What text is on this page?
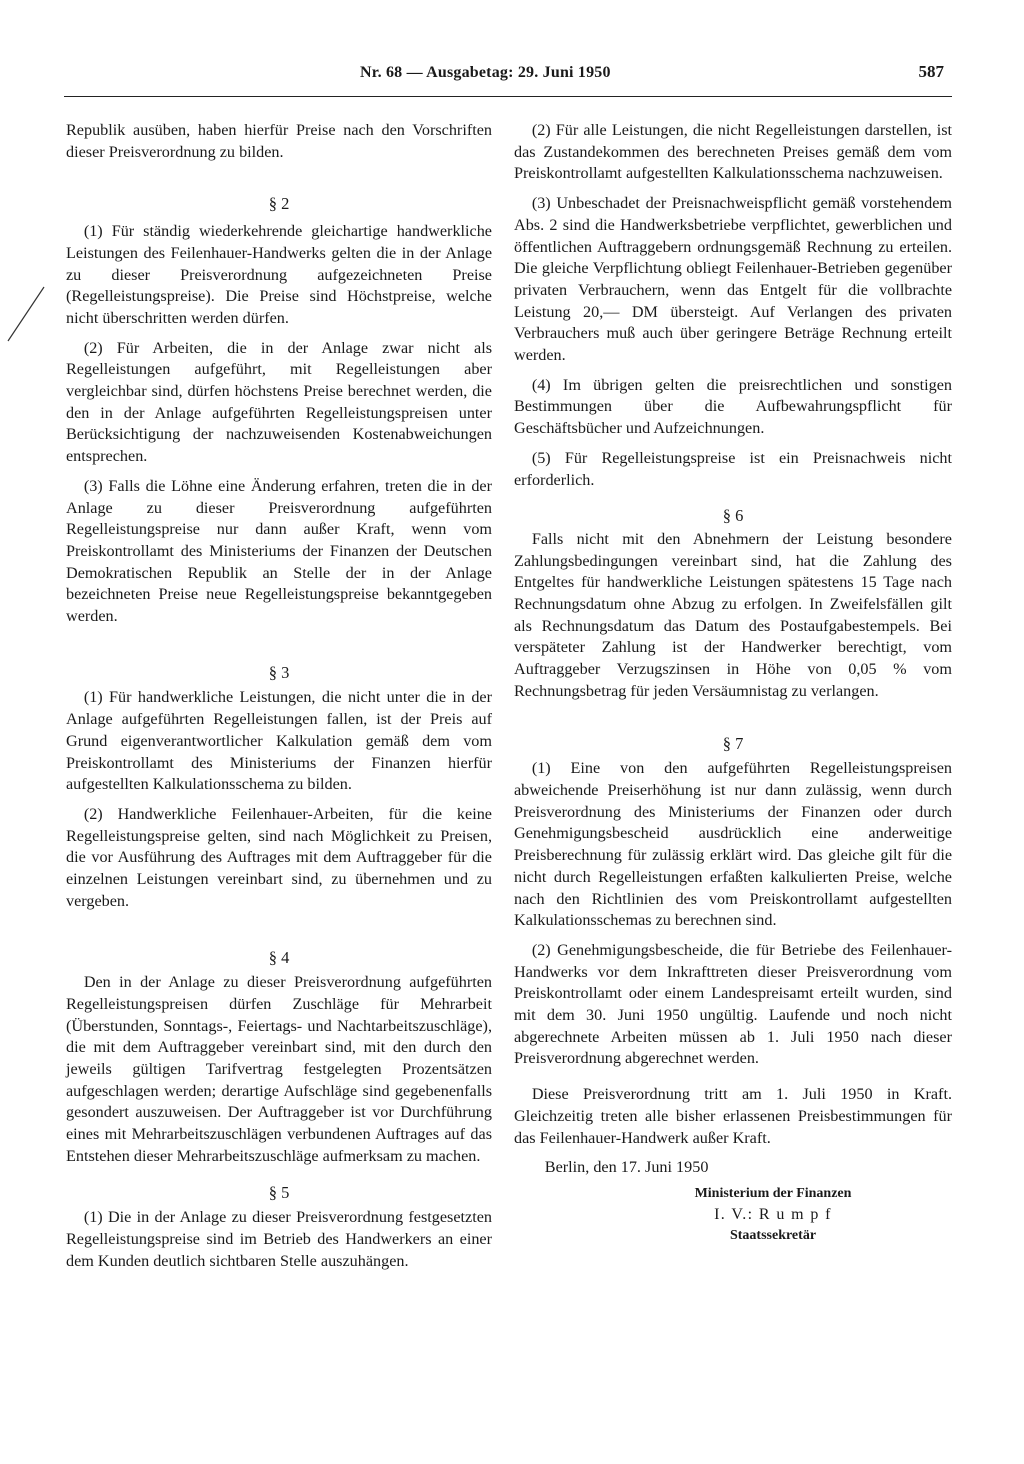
Nr. 68 — Ausgabetag: 29. Juni 1950	587

Republik ausüben, haben hierfür Preise nach den Vorschriften dieser Preisverordnung zu bilden.

§ 2

(1) Für ständig wiederkehrende gleichartige handwerkliche Leistungen des Feilenhauer-Handwerks gelten die in der Anlage zu dieser Preisverordnung aufgezeichneten Preise (Regelleistungspreise). Die Preise sind Höchstpreise, welche nicht überschritten werden dürfen.

(2) Für Arbeiten, die in der Anlage zwar nicht als Regelleistungen aufgeführt, mit Regelleistungen aber vergleichbar sind, dürfen höchstens Preise berechnet werden, die den in der Anlage aufgeführten Regelleistungspreisen unter Berücksichtigung der nachzuweisenden Kostenabweichungen entsprechen.

(3) Falls die Löhne eine Änderung erfahren, treten die in der Anlage zu dieser Preisverordnung aufgeführten Regelleistungspreise nur dann außer Kraft, wenn vom Preiskontrollamt des Ministeriums der Finanzen der Deutschen Demokratischen Republik an Stelle der in der Anlage bezeichneten Preise neue Regelleistungspreise bekanntgegeben werden.

§ 3

(1) Für handwerkliche Leistungen, die nicht unter die in der Anlage aufgeführten Regelleistungen fallen, ist der Preis auf Grund eigenverantwortlicher Kalkulation gemäß dem vom Preiskontrollamt des Ministeriums der Finanzen hierfür aufgestellten Kalkulationsschema zu bilden.

(2) Handwerkliche Feilenhauer-Arbeiten, für die keine Regelleistungspreise gelten, sind nach Möglichkeit zu Preisen, die vor Ausführung des Auftrages mit dem Auftraggeber für die einzelnen Leistungen vereinbart sind, zu übernehmen und zu vergeben.

§ 4

Den in der Anlage zu dieser Preisverordnung aufgeführten Regelleistungspreisen dürfen Zuschläge für Mehrarbeit (Überstunden, Sonntags-, Feiertags- und Nachtarbeitszuschläge), die mit dem Auftraggeber vereinbart sind, mit den durch den jeweils gültigen Tarifvertrag festgelegten Prozentsätzen aufgeschlagen werden; derartige Aufschläge sind gegebenenfalls gesondert auszuweisen. Der Auftraggeber ist vor Durchführung eines mit Mehrarbeitszuschlägen verbundenen Auftrages auf das Entstehen dieser Mehrarbeitszuschläge aufmerksam zu machen.

§ 5

(1) Die in der Anlage zu dieser Preisverordnung festgesetzten Regelleistungspreise sind im Betrieb des Handwerkers an einer dem Kunden deutlich sichtbaren Stelle auszuhängen.

(2) Für alle Leistungen, die nicht Regelleistungen darstellen, ist das Zustandekommen des berechneten Preises gemäß dem vom Preiskontrollamt aufgestellten Kalkulationsschema nachzuweisen.

(3) Unbeschadet der Preisnachweispflicht gemäß vorstehendem Abs. 2 sind die Handwerksbetriebe verpflichtet, gewerblichen und öffentlichen Auftraggebern ordnungsgemäß Rechnung zu erteilen. Die gleiche Verpflichtung obliegt Feilenhauer-Betrieben gegenüber privaten Verbrauchern, wenn das Entgelt für die vollbrachte Leistung 20,— DM übersteigt. Auf Verlangen des privaten Verbrauchers muß auch über geringere Beträge Rechnung erteilt werden.

(4) Im übrigen gelten die preisrechtlichen und sonstigen Bestimmungen über die Aufbewahrungspflicht für Geschäftsbücher und Aufzeichnungen.

(5) Für Regelleistungspreise ist ein Preisnachweis nicht erforderlich.

§ 6

Falls nicht mit den Abnehmern der Leistung besondere Zahlungsbedingungen vereinbart sind, hat die Zahlung des Entgeltes für handwerkliche Leistungen spätestens 15 Tage nach Rechnungsdatum ohne Abzug zu erfolgen. In Zweifelsfällen gilt als Rechnungsdatum das Datum des Postaufgabestempels. Bei verspäteter Zahlung ist der Handwerker berechtigt, vom Auftraggeber Verzugszinsen in Höhe von 0,05 % vom Rechnungsbetrag für jeden Versäumnistag zu verlangen.

§ 7

(1) Eine von den aufgeführten Regelleistungspreisen abweichende Preiserhöhung ist nur dann zulässig, wenn durch Preisverordnung des Ministeriums der Finanzen oder durch Genehmigungsbescheid ausdrücklich eine anderweitige Preisberechnung für zulässig erklärt wird. Das gleiche gilt für die nicht durch Regelleistungen erfaßten kalkulierten Preise, welche nach den Richtlinien des vom Preiskontrollamt aufgestellten Kalkulationsschemas zu berechnen sind.

(2) Genehmigungsbescheide, die für Betriebe des Feilenhauer-Handwerks vor dem Inkrafttreten dieser Preisverordnung vom Preiskontrollamt oder einem Landespreisamt erteilt wurden, sind mit dem 30. Juni 1950 ungültig. Laufende und noch nicht abgerechnete Arbeiten müssen ab 1. Juli 1950 nach dieser Preisverordnung abgerechnet werden.

Diese Preisverordnung tritt am 1. Juli 1950 in Kraft. Gleichzeitig treten alle bisher erlassenen Preisbestimmungen für das Feilenhauer-Handwerk außer Kraft.

Berlin, den 17. Juni 1950

Ministerium der Finanzen
I. V.: R u m p f
Staatssekretär
